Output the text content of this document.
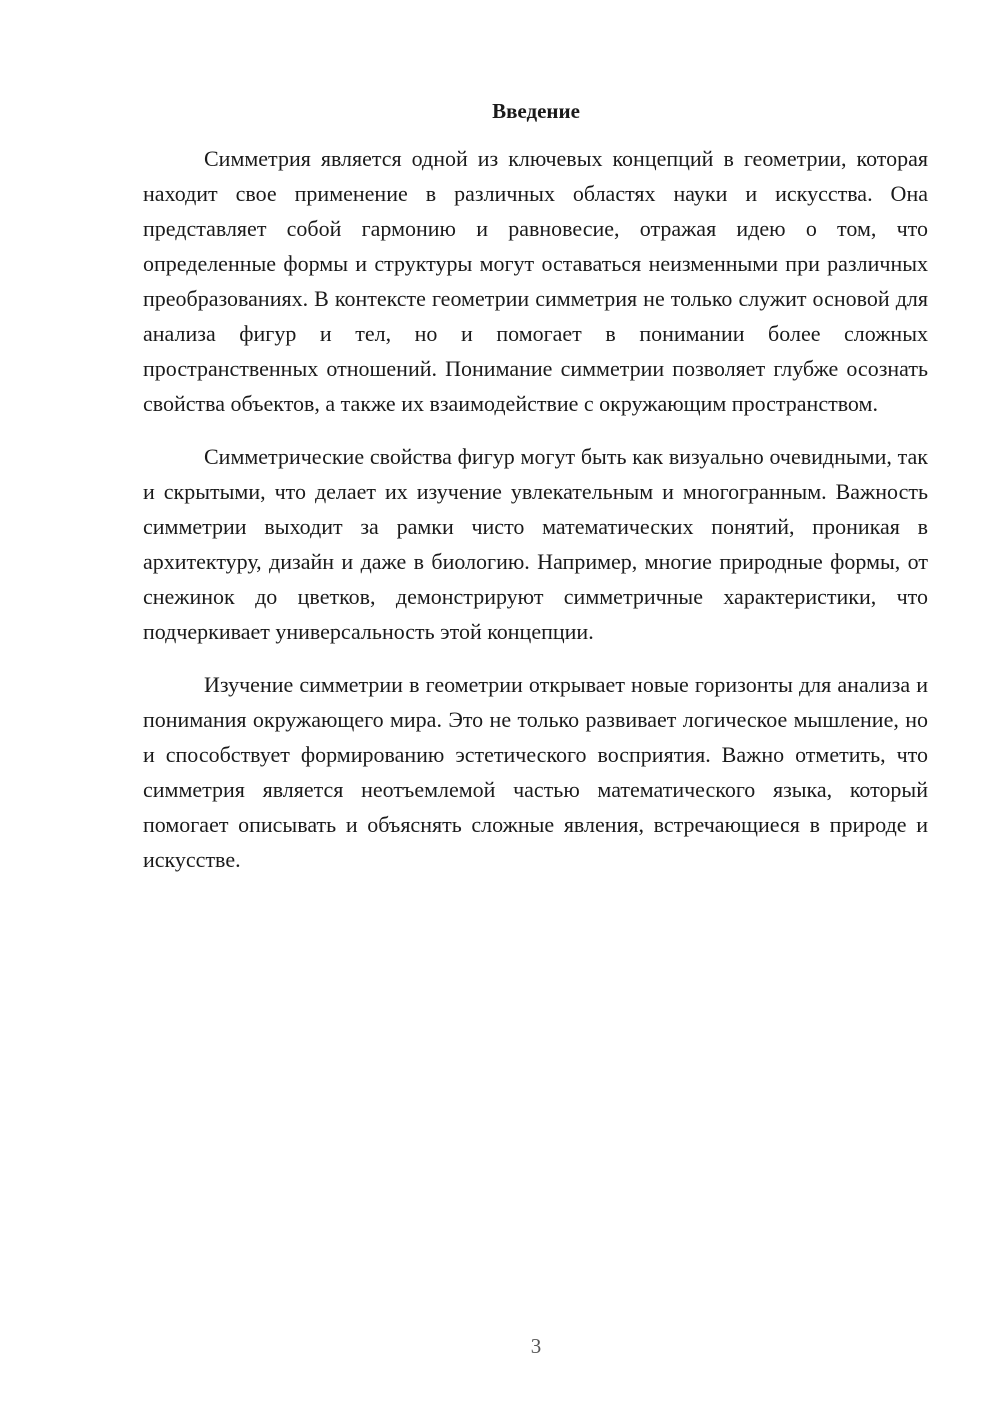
Введение

Симметрия является одной из ключевых концепций в геометрии, которая находит свое применение в различных областях науки и искусства. Она представляет собой гармонию и равновесие, отражая идею о том, что определенные формы и структуры могут оставаться неизменными при различных преобразованиях. В контексте геометрии симметрия не только служит основой для анализа фигур и тел, но и помогает в понимании более сложных пространственных отношений. Понимание симметрии позволяет глубже осознать свойства объектов, а также их взаимодействие с окружающим пространством.

Симметрические свойства фигур могут быть как визуально очевидными, так и скрытыми, что делает их изучение увлекательным и многогранным. Важность симметрии выходит за рамки чисто математических понятий, проникая в архитектуру, дизайн и даже в биологию. Например, многие природные формы, от снежинок до цветков, демонстрируют симметричные характеристики, что подчеркивает универсальность этой концепции.

Изучение симметрии в геометрии открывает новые горизонты для анализа и понимания окружающего мира. Это не только развивает логическое мышление, но и способствует формированию эстетического восприятия. Важно отметить, что симметрия является неотъемлемой частью математического языка, который помогает описывать и объяснять сложные явления, встречающиеся в природе и искусстве.

3
